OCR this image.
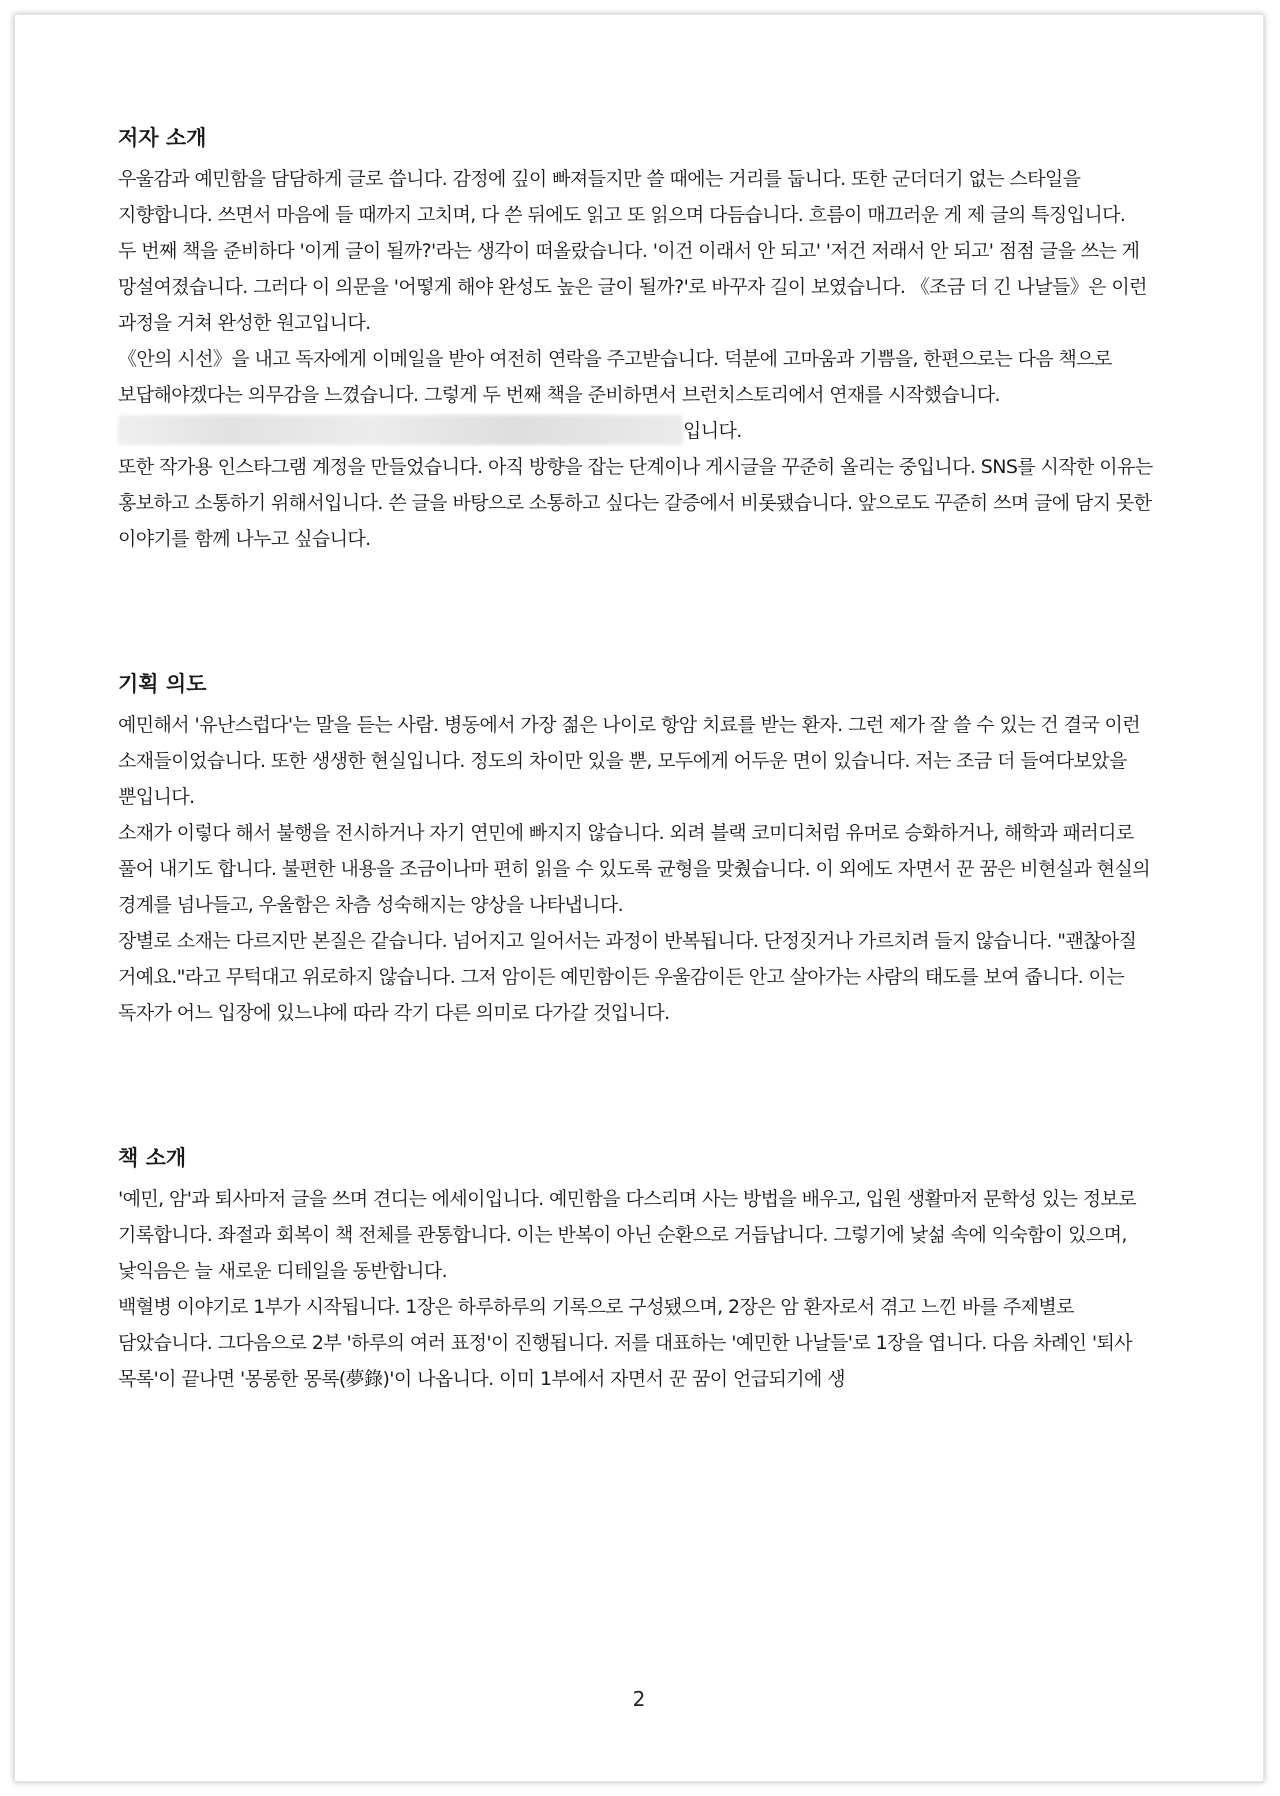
저자 소개

우울감과 예민함을 담담하게 글로 씁니다. 감정에 깊이 빠져들지만 쓸 때에는 거리를 둡니다. 또한 군더더기 없는 스타일을 지향합니다. 쓰면서 마음에 들 때까지 고치며, 다 쓴 뒤에도 읽고 또 읽으며 다듬습니다. 흐름이 매끄러운 게 제 글의 특징입니다.

두 번째 책을 준비하다 '이게 글이 될까?'라는 생각이 떠올랐습니다. '이건 이래서 안 되고' '저건 저래서 안 되고' 점점 글을 쓰는 게 망설여졌습니다. 그러다 이 의문을 '어떻게 해야 완성도 높은 글이 될까?'로 바꾸자 길이 보였습니다. 《조금 더 긴 나날들》은 이런 과정을 거쳐 완성한 원고입니다.

《안의 시선》을 내고 독자에게 이메일을 받아 여전히 연락을 주고받습니다. 덕분에 고마움과 기쁨을, 한편으로는 다음 책으로 보답해야겠다는 의무감을 느꼈습니다. 그렇게 두 번째 책을 준비하면서 브런치스토리에서 연재를 시작했습니다. 입니다.

또한 작가용 인스타그램 계정을 만들었습니다. 아직 방향을 잡는 단계이나 게시글을 꾸준히 올리는 중입니다. SNS를 시작한 이유는 홍보하고 소통하기 위해서입니다. 쓴 글을 바탕으로 소통하고 싶다는 갈증에서 비롯됐습니다. 앞으로도 꾸준히 쓰며 글에 담지 못한 이야기를 함께 나누고 싶습니다.

기획 의도

예민해서 '유난스럽다'는 말을 듣는 사람. 병동에서 가장 젊은 나이로 항암 치료를 받는 환자. 그런 제가 잘 쓸 수 있는 건 결국 이런 소재들이었습니다. 또한 생생한 현실입니다. 정도의 차이만 있을 뿐, 모두에게 어두운 면이 있습니다. 저는 조금 더 들여다보았을 뿐입니다.

소재가 이렇다 해서 불행을 전시하거나 자기 연민에 빠지지 않습니다. 외려 블랙 코미디처럼 유머로 승화하거나, 해학과 패러디로 풀어 내기도 합니다. 불편한 내용을 조금이나마 편히 읽을 수 있도록 균형을 맞췄습니다. 이 외에도 자면서 꾼 꿈은 비현실과 현실의 경계를 넘나들고, 우울함은 차츰 성숙해지는 양상을 나타냅니다.

장별로 소재는 다르지만 본질은 같습니다. 넘어지고 일어서는 과정이 반복됩니다. 단정짓거나 가르치려 들지 않습니다. "괜찮아질 거예요."라고 무턱대고 위로하지 않습니다. 그저 암이든 예민함이든 우울감이든 안고 살아가는 사람의 태도를 보여 줍니다. 이는 독자가 어느 입장에 있느냐에 따라 각기 다른 의미로 다가갈 것입니다.

책 소개

'예민, 암'과 퇴사마저 글을 쓰며 견디는 에세이입니다. 예민함을 다스리며 사는 방법을 배우고, 입원 생활마저 문학성 있는 정보로 기록합니다. 좌절과 회복이 책 전체를 관통합니다. 이는 반복이 아닌 순환으로 거듭납니다. 그렇기에 낯섦 속에 익숙함이 있으며, 낯익음은 늘 새로운 디테일을 동반합니다.

백혈병 이야기로 1부가 시작됩니다. 1장은 하루하루의 기록으로 구성됐으며, 2장은 암 환자로서 겪고 느낀 바를 주제별로 담았습니다. 그다음으로 2부 '하루의 여러 표정'이 진행됩니다. 저를 대표하는 '예민한 나날들'로 1장을 엽니다. 다음 차례인 '퇴사 목록'이 끝나면 '몽롱한 몽록(夢錄)'이 나옵니다. 이미 1부에서 자면서 꾼 꿈이 언급되기에 생

2
